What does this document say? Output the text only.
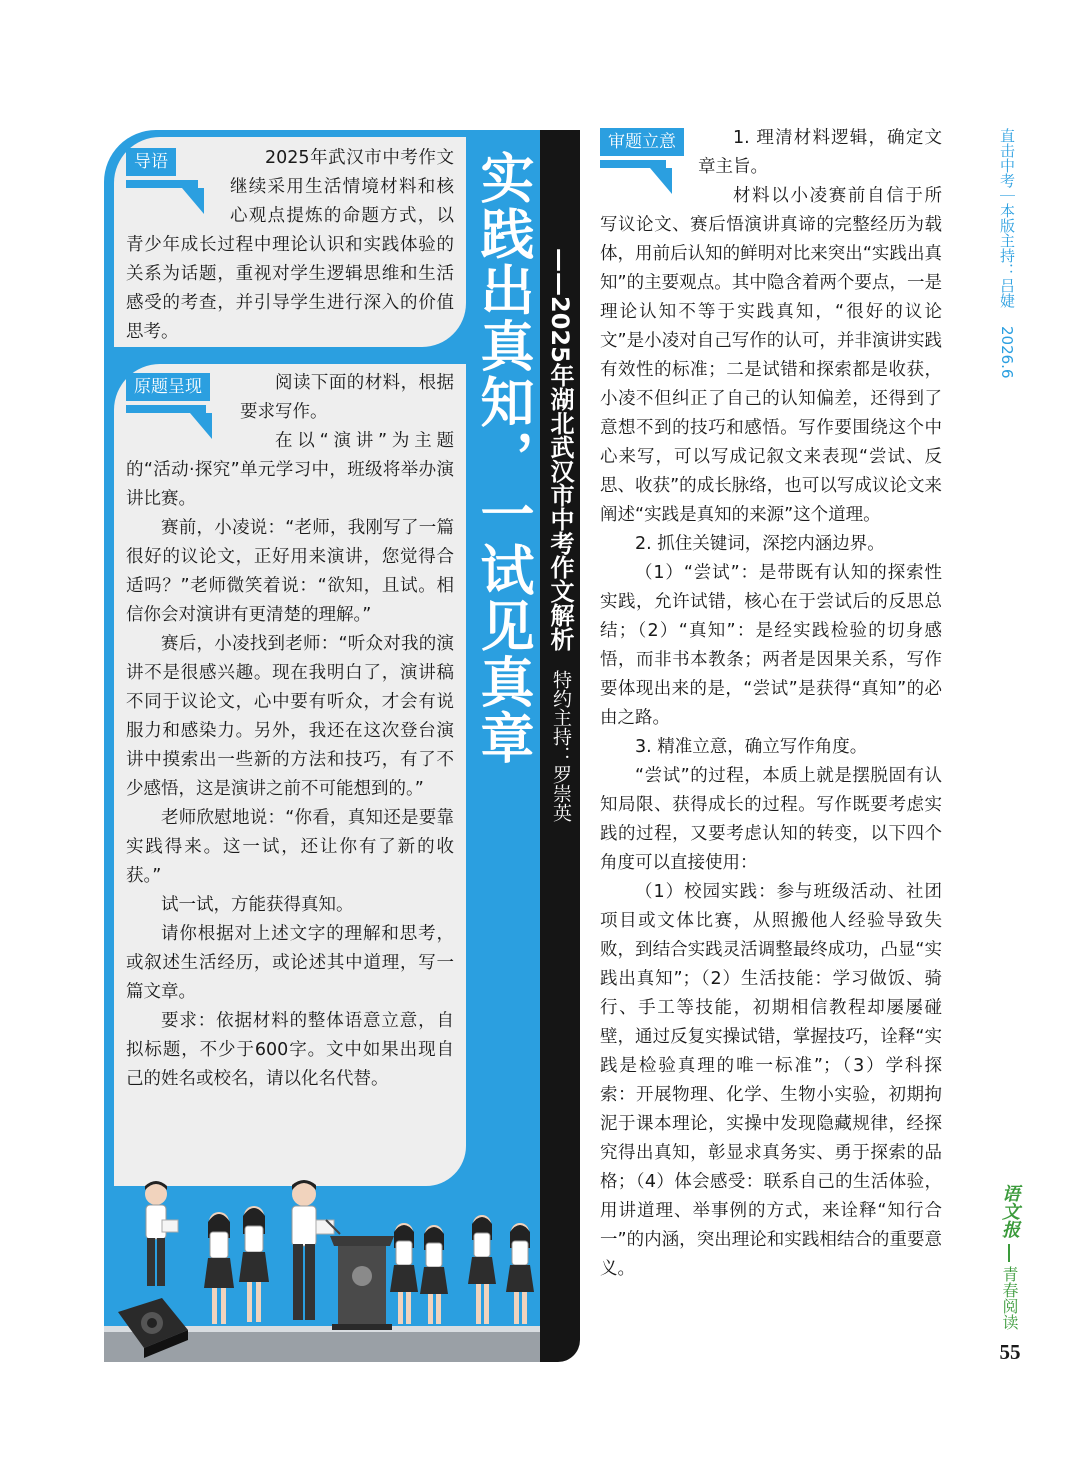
导语	2025年武汉市中考作文继续采用生活情境材料和核心观点提炼的命题方式，以青少年成长过程中理论认识和实践体验的关系为话题，重视对学生逻辑思维和生活感受的考查，并引导学生进行深入的价值思考。

原题呈现	阅读下面的材料，根据要求写作。

在以“演讲”为主题的“活动·探究”单元学习中，班级将举办演讲比赛。

赛前，小凌说：“老师，我刚写了一篇很好的议论文，正好用来演讲，您觉得合适吗？”老师微笑着说：“欲知，且试。相信你会对演讲有更清楚的理解。”

赛后，小凌找到老师：“听众对我的演讲不是很感兴趣。现在我明白了，演讲稿不同于议论文，心中要有听众，才会有说服力和感染力。另外，我还在这次登台演讲中摸索出一些新的方法和技巧，有了不少感悟，这是演讲之前不可能想到的。”

老师欣慰地说：“你看，真知还是要靠实践得来。这一试，还让你有了新的收获。”

试一试，方能获得真知。

请你根据对上述文字的理解和思考，或叙述生活经历，或论述其中道理，写一篇文章。

要求：依据材料的整体语意立意，自拟标题，不少于600字。文中如果出现自己的姓名或校名，请以化名代替。

实践出真知，一试见真章 ——2025年湖北武汉市中考作文解析
特约主持：罗崇英
审题立意	1. 理清材料逻辑，确定文章主旨。

材料以小凌赛前自信于所写议论文、赛后悟演讲真谛的完整经历为载体，用前后认知的鲜明对比来突出“实践出真知”的主要观点。其中隐含着两个要点，一是理论认知不等于实践真知，“很好的议论文”是小凌对自己写作的认可，并非演讲实践有效性的标准；二是试错和探索都是收获，小凌不但纠正了自己的认知偏差，还得到了意想不到的技巧和感悟。写作要围绕这个中心来写，可以写成记叙文来表现“尝试、反思、收获”的成长脉络，也可以写成议论文来阐述“实践是真知的来源”这个道理。

2. 抓住关键词，深挖内涵边界。

（1）“尝试”：是带既有认知的探索性实践，允许试错，核心在于尝试后的反思总结；（2）“真知”：是经实践检验的切身感悟，而非书本教条；两者是因果关系，写作要体现出来的是，“尝试”是获得“真知”的必由之路。

3. 精准立意，确立写作角度。

“尝试”的过程，本质上就是摆脱固有认知局限、获得成长的过程。写作既要考虑实践的过程，又要考虑认知的转变，以下四个角度可以直接使用：

（1）校园实践：参与班级活动、社团项目或文体比赛，从照搬他人经验导致失败，到结合实践灵活调整最终成功，凸显“实践出真知”；（2）生活技能：学习做饭、骑行、手工等技能，初期相信教程却屡屡碰壁，通过反复实操试错，掌握技巧，诠释“实践是检验真理的唯一标准”；（3）学科探索：开展物理、化学、生物小实验，初期拘泥于课本理论，实操中发现隐藏规律，经探究得出真知，彰显求真务实、勇于探索的品格；（4）体会感受：联系自己的生活体验，用讲道理、举事例的方式，来诠释“知行合一”的内涵，突出理论和实践相结合的重要意义。

直击中考｜本版主持：吕婕
2026.6
语文报
青春阅读
55
